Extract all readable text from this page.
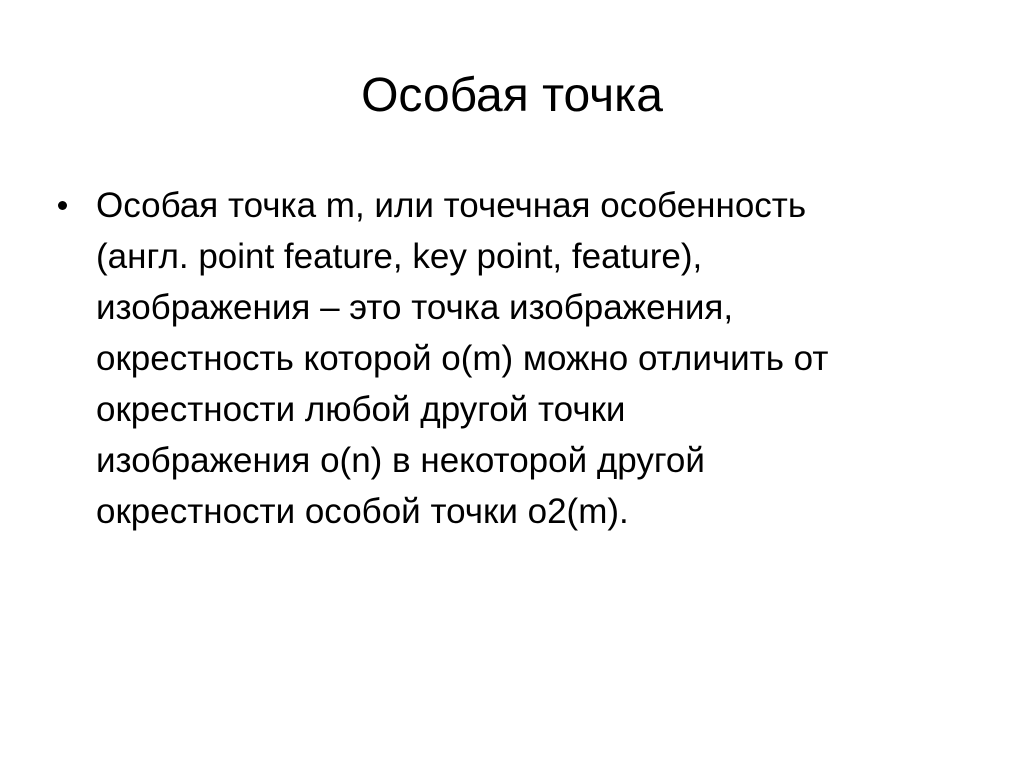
Особая точка
Особая точка m, или точечная особенность
(англ. point feature, key point, feature),
изображения – это точка изображения,
окрестность которой o(m) можно отличить от
окрестности любой другой точки
изображения o(n) в некоторой другой
окрестности особой точки o2(m).
